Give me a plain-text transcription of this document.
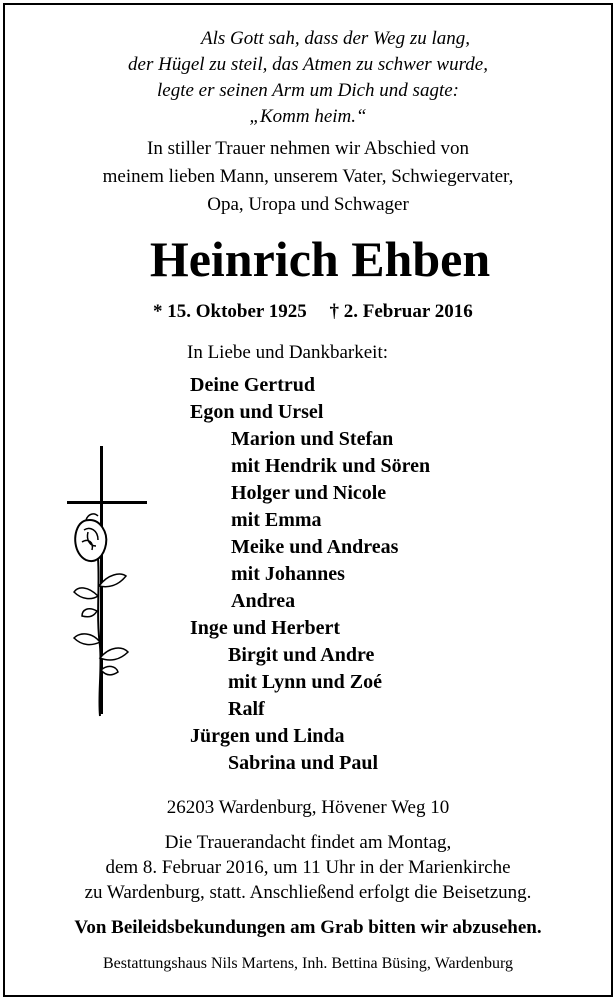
Als Gott sah, dass der Weg zu lang,
der Hügel zu steil, das Atmen zu schwer wurde,
legte er seinen Arm um Dich und sagte:
„Komm heim.“
In stiller Trauer nehmen wir Abschied von
meinem lieben Mann, unserem Vater, Schwiegervater,
Opa, Uropa und Schwager
Heinrich Ehben
* 15. Oktober 1925 † 2. Februar 2016
In Liebe und Dankbarkeit:
Deine Gertrud
Egon und Ursel
Marion und Stefan
mit Hendrik und Sören
Holger und Nicole
mit Emma
Meike und Andreas
mit Johannes
Andrea
Inge und Herbert
Birgit und Andre
mit Lynn und Zoé
Ralf
Jürgen und Linda
Sabrina und Paul
26203 Wardenburg, Hövener Weg 10
Die Trauerandacht findet am Montag,
dem 8. Februar 2016, um 11 Uhr in der Marienkirche
zu Wardenburg, statt. Anschließend erfolgt die Beisetzung.
Von Beileidsbekundungen am Grab bitten wir abzusehen.
Bestattungshaus Nils Martens, Inh. Bettina Büsing, Wardenburg
